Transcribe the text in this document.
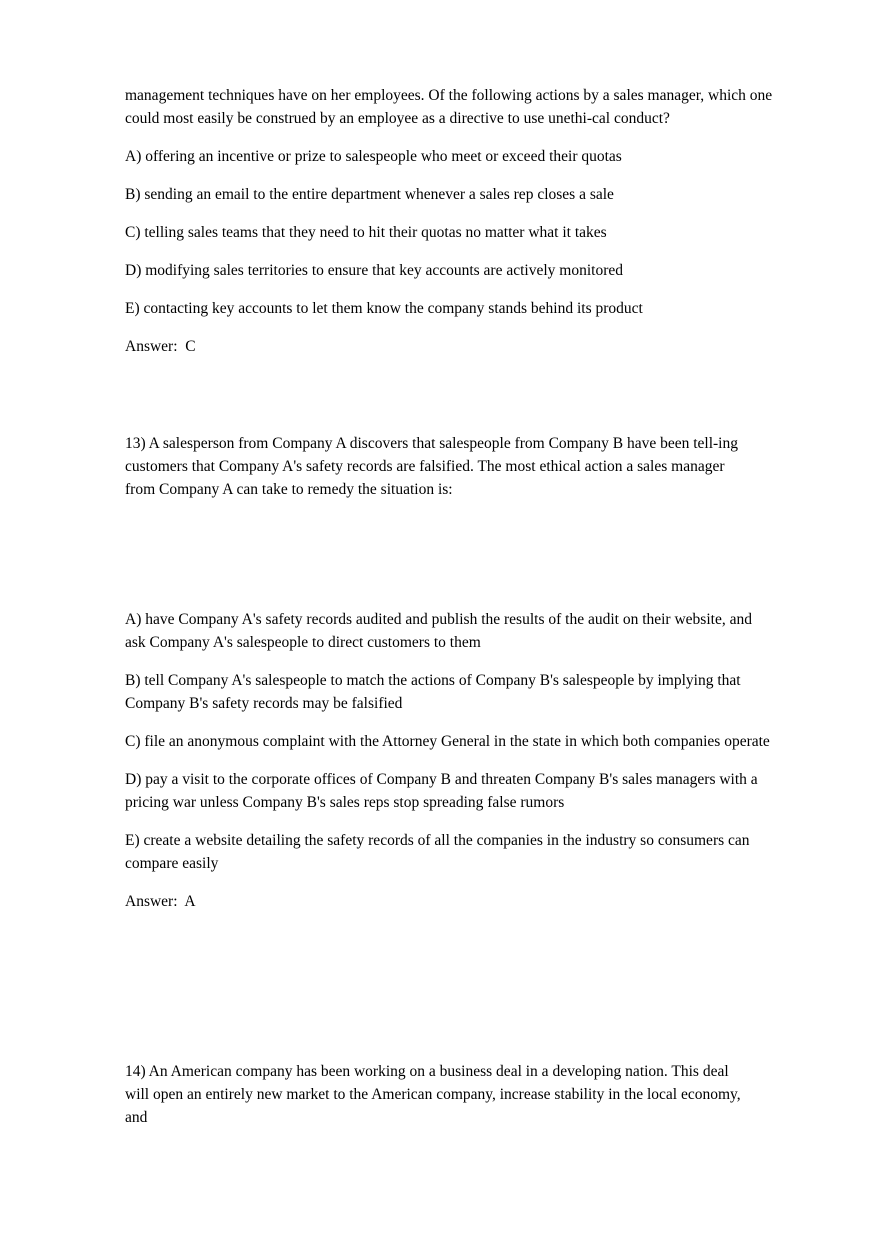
management techniques have on her employees. Of the following actions by a sales manager, which one
could most easily be construed by an employee as a directive to use unethi-cal conduct?

A) offering an incentive or prize to salespeople who meet or exceed their quotas

B) sending an email to the entire department whenever a sales rep closes a sale

C) telling sales teams that they need to hit their quotas no matter what it takes

D) modifying sales territories to ensure that key accounts are actively monitored

E) contacting key accounts to let them know the company stands behind its product

Answer:  C

13) A salesperson from Company A discovers that salespeople from Company B have been tell-ing
customers that Company A's safety records are falsified. The most ethical action a sales manager
from Company A can take to remedy the situation is:

A) have Company A's safety records audited and publish the results of the audit on their website, and
ask Company A's salespeople to direct customers to them

B) tell Company A's salespeople to match the actions of Company B's salespeople by implying that
Company B's safety records may be falsified

C) file an anonymous complaint with the Attorney General in the state in which both companies operate

D) pay a visit to the corporate offices of Company B and threaten Company B's sales managers with a
pricing war unless Company B's sales reps stop spreading false rumors

E) create a website detailing the safety records of all the companies in the industry so consumers can
compare easily

Answer:  A

14) An American company has been working on a business deal in a developing nation. This deal
will open an entirely new market to the American company, increase stability in the local economy,
and
